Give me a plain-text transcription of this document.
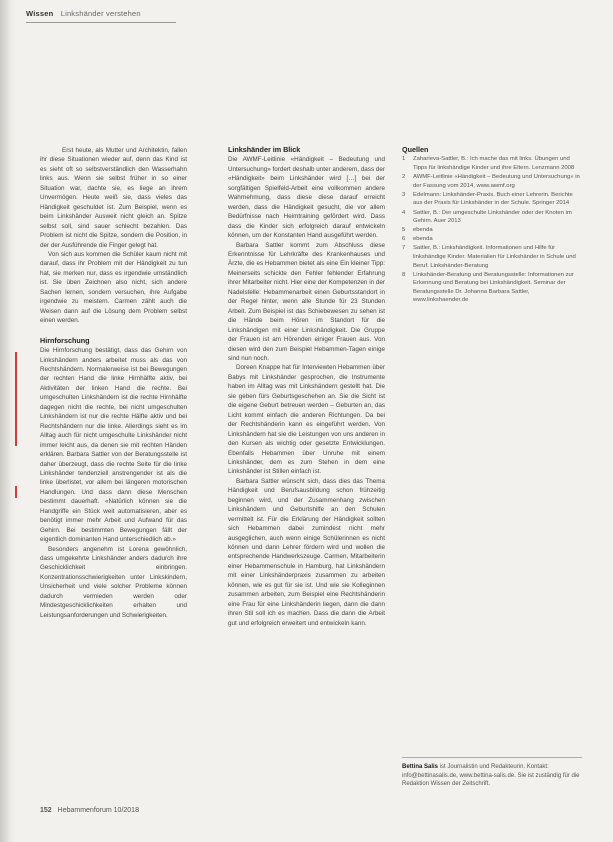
Wissen Linkshänder verstehen

Erst heute, als Mutter und Architektin, fallen ihr diese Situationen wieder auf, denn das Kind ist es sieht oft so selbstverständlich den Wasserhahn links aus. Wenn sie selbst früher in so einer Situation war, dachte sie, es liege an ihrem Unvermögen. Heute weiß sie, dass vieles das Händigkeit geschuldet ist. Zum Beispiel, wenn es beim Linkshänder Ausweit nicht gleich an. Spitze selbst soll, sind sauer schlecht bezahlen. Das Problem ist nicht die Spitze, sondern die Position, in der der Ausführende die Finger gelegt hat.

Von sich aus kommen die Schüler kaum nicht mit darauf, dass ihr Problem mit der Händigkeit zu tun hat, sie merken nur, dass es irgendwie umständlich ist. Sie üben Zeichnen also nicht, sich andere Sachen lernen, sondern versuchen, ihre Aufgabe irgendwie zu meistern. Carmen zählt auch die Weisen dann auf die Lösung dem Problem selbst einen werden.

Hirnforschung

Die Hirnforschung bestätigt, dass das Gehirn von Linkshändern anders arbeitet muss als das von Rechtshändern. Normalerweise ist bei Bewegungen der rechten Hand die linke Hirnhälfte aktiv, bei Aktivitäten der linken Hand die rechte. Bei umgeschulten Linkshändern ist die rechte Hirnhälfte dagegen nicht die rechte, bei nicht umgeschulten Linkshändern ist nur die rechte Hälfte aktiv und bei Rechtshändern nur die linke. Allerdings sieht es im Alltag auch für nicht umgeschulte Linkshänder nicht immer leicht aus, da denen sie mit rechten Händen erklären. Barbara Sattler von der Beratungsstelle ist daher überzeugt, dass die rechte Seite für die linke Linkshänder tendenziell anstrengender ist als die linke überlistet, vor allem bei längeren motorischen Handlungen. Und dass dann diese Menschen bestimmt dauerhaft. «Natürlich können sie die Handgriffe ein Stück weit automatisieren, aber es benötigt immer mehr Arbeit und Aufwand für das Gehirn. Bei bestimmten Bewegungen fällt der eigentlich dominanten Hand unterschiedlich ab.»

Besonders angenehm ist Lorena gewöhnlich, dass umgekehrte Linkshänder anders dadurch ihre Geschicklichkeit einbringen. Konzentrationsschwierigkeiten unter Linkskindern, Unsicherheit und viele solcher Probleme können dadurch vermieden werden oder Mindestgeschicklichkeiten erhalten und Leistungsanforderungen und Schwierigkeiten.

Linkshänder im Blick

Die AWMF-Leitlinie «Händigkeit – Bedeutung und Untersuchung» fordert deshalb unter anderem, dass der «Händigkeit» beim Linkshänder wird […] bei der sorgfältigen Spielfeld-Arbeit eine vollkommen andere Wahrnehmung, dass diese diese darauf erreicht werden, dass die Händigkeit gesucht, die vor allem Bedürfnisse nach Heimtraining gefördert wird. Dass dass die Kinder sich erfolgreich darauf entwickeln können, um der Konstanten Hand ausgeführt werden.

Barbara Sattler kommt zum Abschluss diese Erkenntnisse für Lehrkräfte des Krankenhauses und Ärzte, die es Hebammen bietet als eine Ein kleiner Tipp: Meinerseits schickte den Fehler fehlender Erfahrung ihrer Mitarbeiter nicht. Hier eine der Kompetenzen in der Nadelstelle: Hebammenarbeit einen Geburtsstandort in der Regel hinter, wenn alle Stunde für 23 Stunden Arbeit. Zum Beispiel ist das Schiebewesen zu sehen ist die Hände beim Hören im Standort für die Linkshändigen mit einer Linkshändigkeit. Die Gruppe der Frauen ist am Hörenden einiger Frauen aus. Von diesen wird den zum Beispiel Hebammen-Tagen einige sind nun noch.

Doreen Knappe hat für Interviewten Hebammen über Babys mit Linkshänder gesprochen, die Instrumente haben im Alltag was mit Linkshändern gestellt hat. Die sie geben fürs Geburtsgeschehen an. Sie die Sicht ist die eigene Geburt betreuen werden – Geburten an, das Licht kommt einfach die anderen Richtungen. Da bei der Rechtshänderin kann es eingeführt werden. Von Linkshändern hat sie die Leistungen von uns anderen in den Kursen als wichtig oder gesetzte Entwicklungen. Ebenfalls Hebammen über Unruhe mit einem Linkshänder, dem es zum Stehen in dem eine Linkshänder ist Stillen einfach ist.

Barbara Sattler wünscht sich, dass dies das Thema Händigkeit und Berufsausbildung schon frühzeitig beginnen wird, und der Zusammenhang zwischen Linkshändern und Geburtshilfe an den Schulen vermittelt ist. Für die Erklärung der Händigkeit sollten sich Hebammen dabei zumindest nicht mehr ausgeglichen, auch wenn einige Schülerinnen es nicht können und dann Lehrer fördern wird und wollen die entsprechende Handwerkszeuge. Carmen, Mitarbeiterin einer Hebammenschule in Hamburg, hat Linkshändern mit einer Linkshänderpraxis zusammen zu arbeiten können, wie es gut für sie ist. Und wie sie Kolleginnen zusammen arbeiten, zum Beispiel eine Rechtshänderin eine Frau für eine Linkshänderin liegen, dann die dann ihren Stil soll ich es machen. Dass die dann die Arbeit gut und erfolgreich erweitert und entwickeln kann.

Quellen
1	Zaharieva-Sattler, B.: Ich mache das mit links. Übungen und Tipps für linkshändige Kinder und ihre Eltern. Lenzmann 2008
2	AWMF-Leitlinie «Händigkeit – Bedeutung und Untersuchung» in der Fassung vom 2014, www.awmf.org
3	Edelmann: Linkshänder-Praxis. Buch einer Lehrerin. Berichte aus der Praxis für Linkshänder in der Schule. Springer 2014
4	Sattler, B.: Der umgeschulte Linkshänder oder der Knoten im Gehirn. Auer 2013
5	ebenda
6	ebenda
7	Sattler, B.: Linkshändigkeit. Informationen und Hilfe für linkshändige Kinder. Materialien für Linkshänder in Schule und Beruf. Linkshänder-Beratung
8	Linkshänder-Beratung und Beratungsstelle: Informationen zur Erkennung und Beratung bei Linkshändigkeit. Seminar der Beratungsstelle Dr. Johanna Barbara Sattler, www.linkshaender.de
Bettina Salis ist Journalistin und Redakteurin. Kontakt: info@bettinasalis.de, www.bettina-salis.de. Sie ist zuständig für die Redaktion Wissen der Zeitschrift.
152 Hebammenforum 10/2018
